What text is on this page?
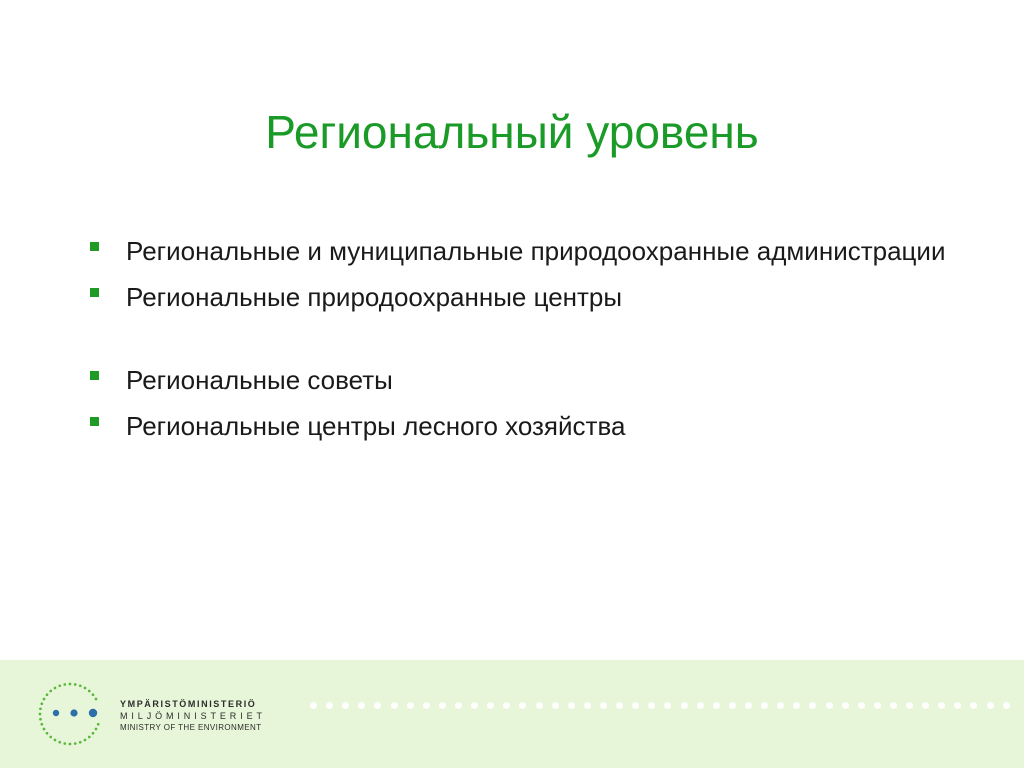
Региональный уровень
Региональные и муниципальные природоохранные администрации
Региональные природоохранные центры
Региональные советы
Региональные центры лесного хозяйства
YMPÄRISTÖMINISTERIÖ
MILJÖMINISTERIET
MINISTRY OF THE ENVIRONMENT
